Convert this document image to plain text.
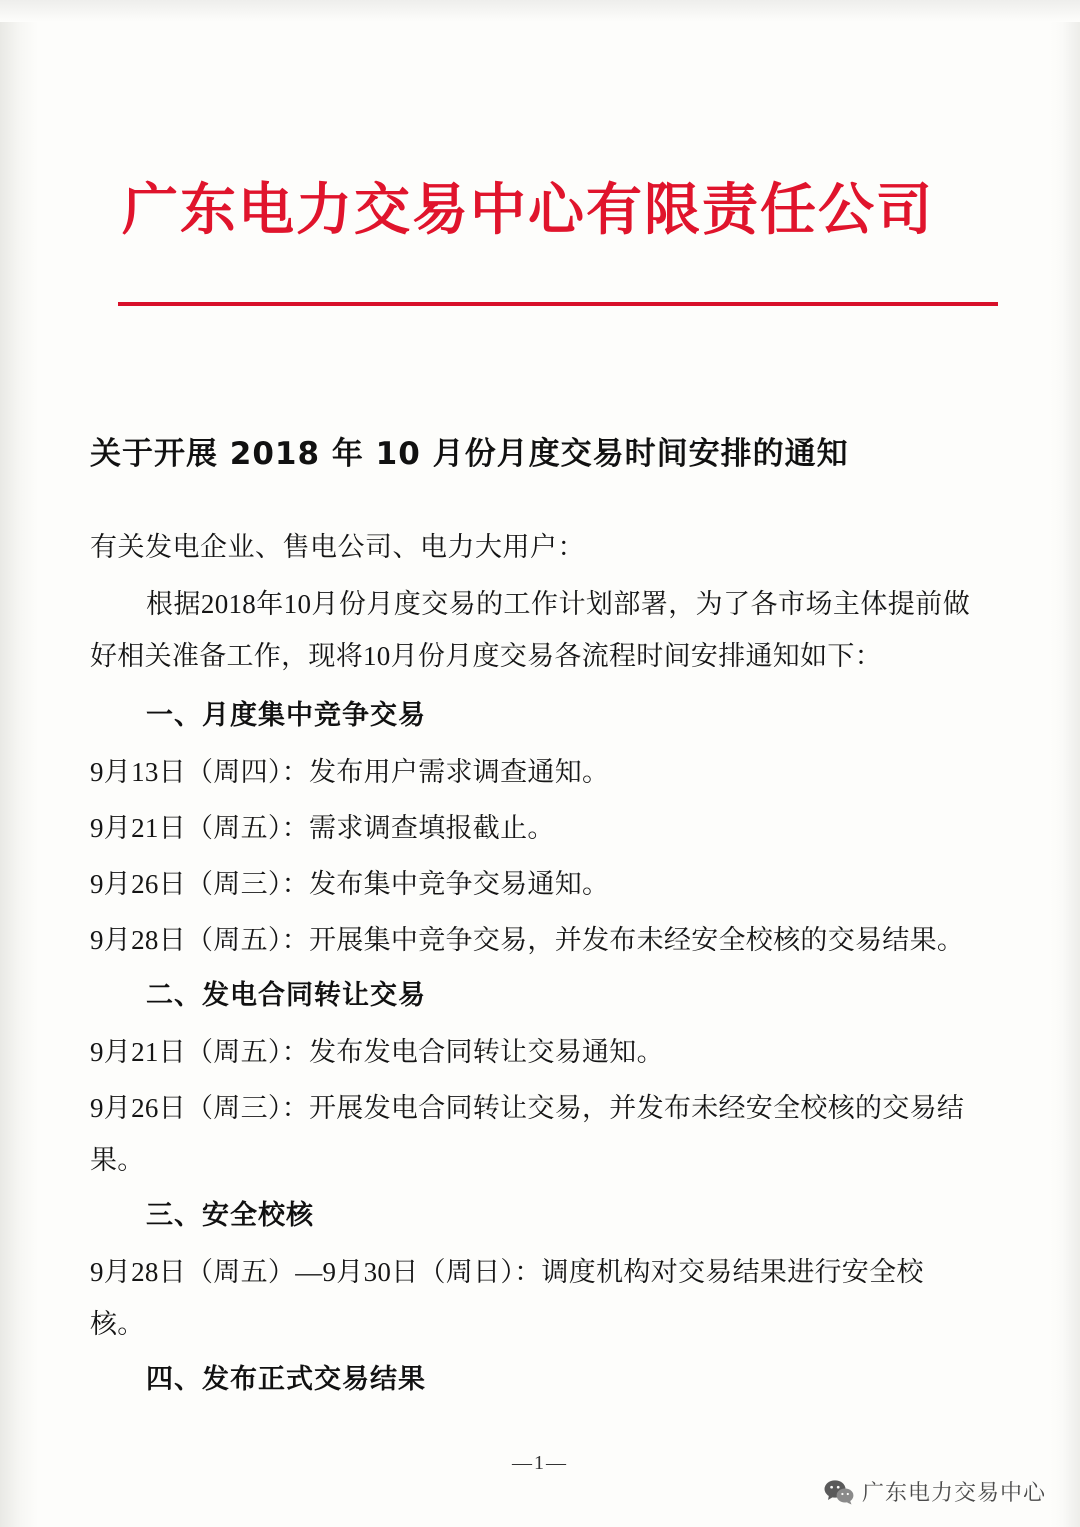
广东电力交易中心有限责任公司
关于开展 2018 年 10 月份月度交易时间安排的通知
有关发电企业、售电公司、电力大用户：

根据2018年10月份月度交易的工作计划部署，为了各市场主体提前做好相关准备工作，现将10月份月度交易各流程时间安排通知如下：

一、月度集中竞争交易

9月13日（周四）：发布用户需求调查通知。

9月21日（周五）：需求调查填报截止。

9月26日（周三）：发布集中竞争交易通知。

9月28日（周五）：开展集中竞争交易，并发布未经安全校核的交易结果。

二、发电合同转让交易

9月21日（周五）：发布发电合同转让交易通知。

9月26日（周三）：开展发电合同转让交易，并发布未经安全校核的交易结果。

三、安全校核

9月28日（周五）—9月30日（周日）：调度机构对交易结果进行安全校核。

四、发布正式交易结果

—1—
广东电力交易中心
